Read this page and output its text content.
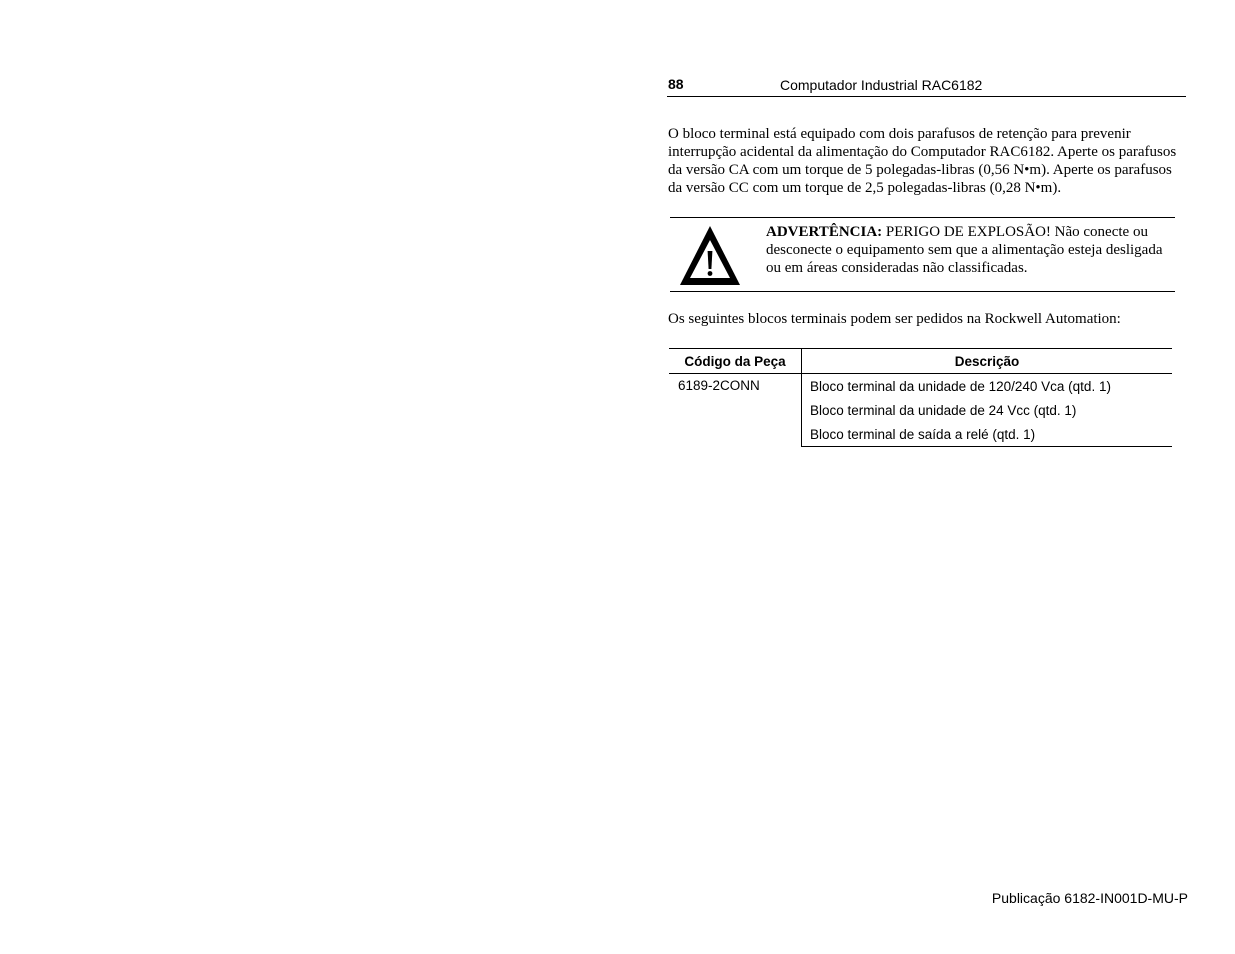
88	Computador Industrial RAC6182

O bloco terminal está equipado com dois parafusos de retenção para prevenir interrupção acidental da alimentação do Computador RAC6182. Aperte os parafusos da versão CA com um torque de 5 polegadas-libras (0,56 N•m). Aperte os parafusos da versão CC com um torque de 2,5 polegadas-libras (0,28 N•m).

ADVERTÊNCIA: PERIGO DE EXPLOSÃO! Não conecte ou desconecte o equipamento sem que a alimentação esteja desligada ou em áreas consideradas não classificadas.

Os seguintes blocos terminais podem ser pedidos na Rockwell Automation:

Código da Peça	Descrição
6189-2CONN	Bloco terminal da unidade de 120/240 Vca (qtd. 1)
	Bloco terminal da unidade de 24 Vcc (qtd. 1)
	Bloco terminal de saída a relé (qtd. 1)
Publicação 6182-IN001D-MU-P
